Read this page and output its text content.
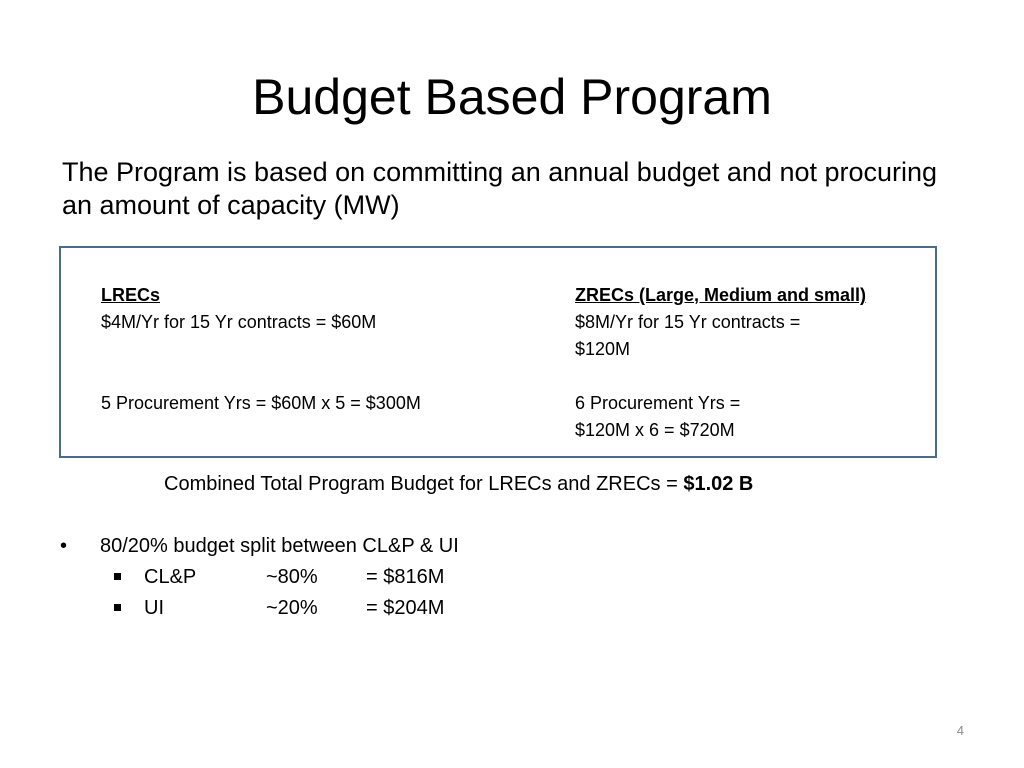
Budget Based Program
The Program is based on committing an annual budget and not procuring an amount of capacity (MW)
LRECs
$4M/Yr for 15 Yr contracts = $60M
5 Procurement Yrs = $60M x 5 = $300M
ZRECs (Large, Medium and small)
$8M/Yr for 15 Yr contracts =
$120M
6 Procurement Yrs =
$120M x 6 = $720M
Combined Total Program Budget for LRECs and ZRECs = $1.02 B
• 80/20% budget split between CL&P & UI
CL&P	~80% = $816M
UI	~20% = $204M
4
